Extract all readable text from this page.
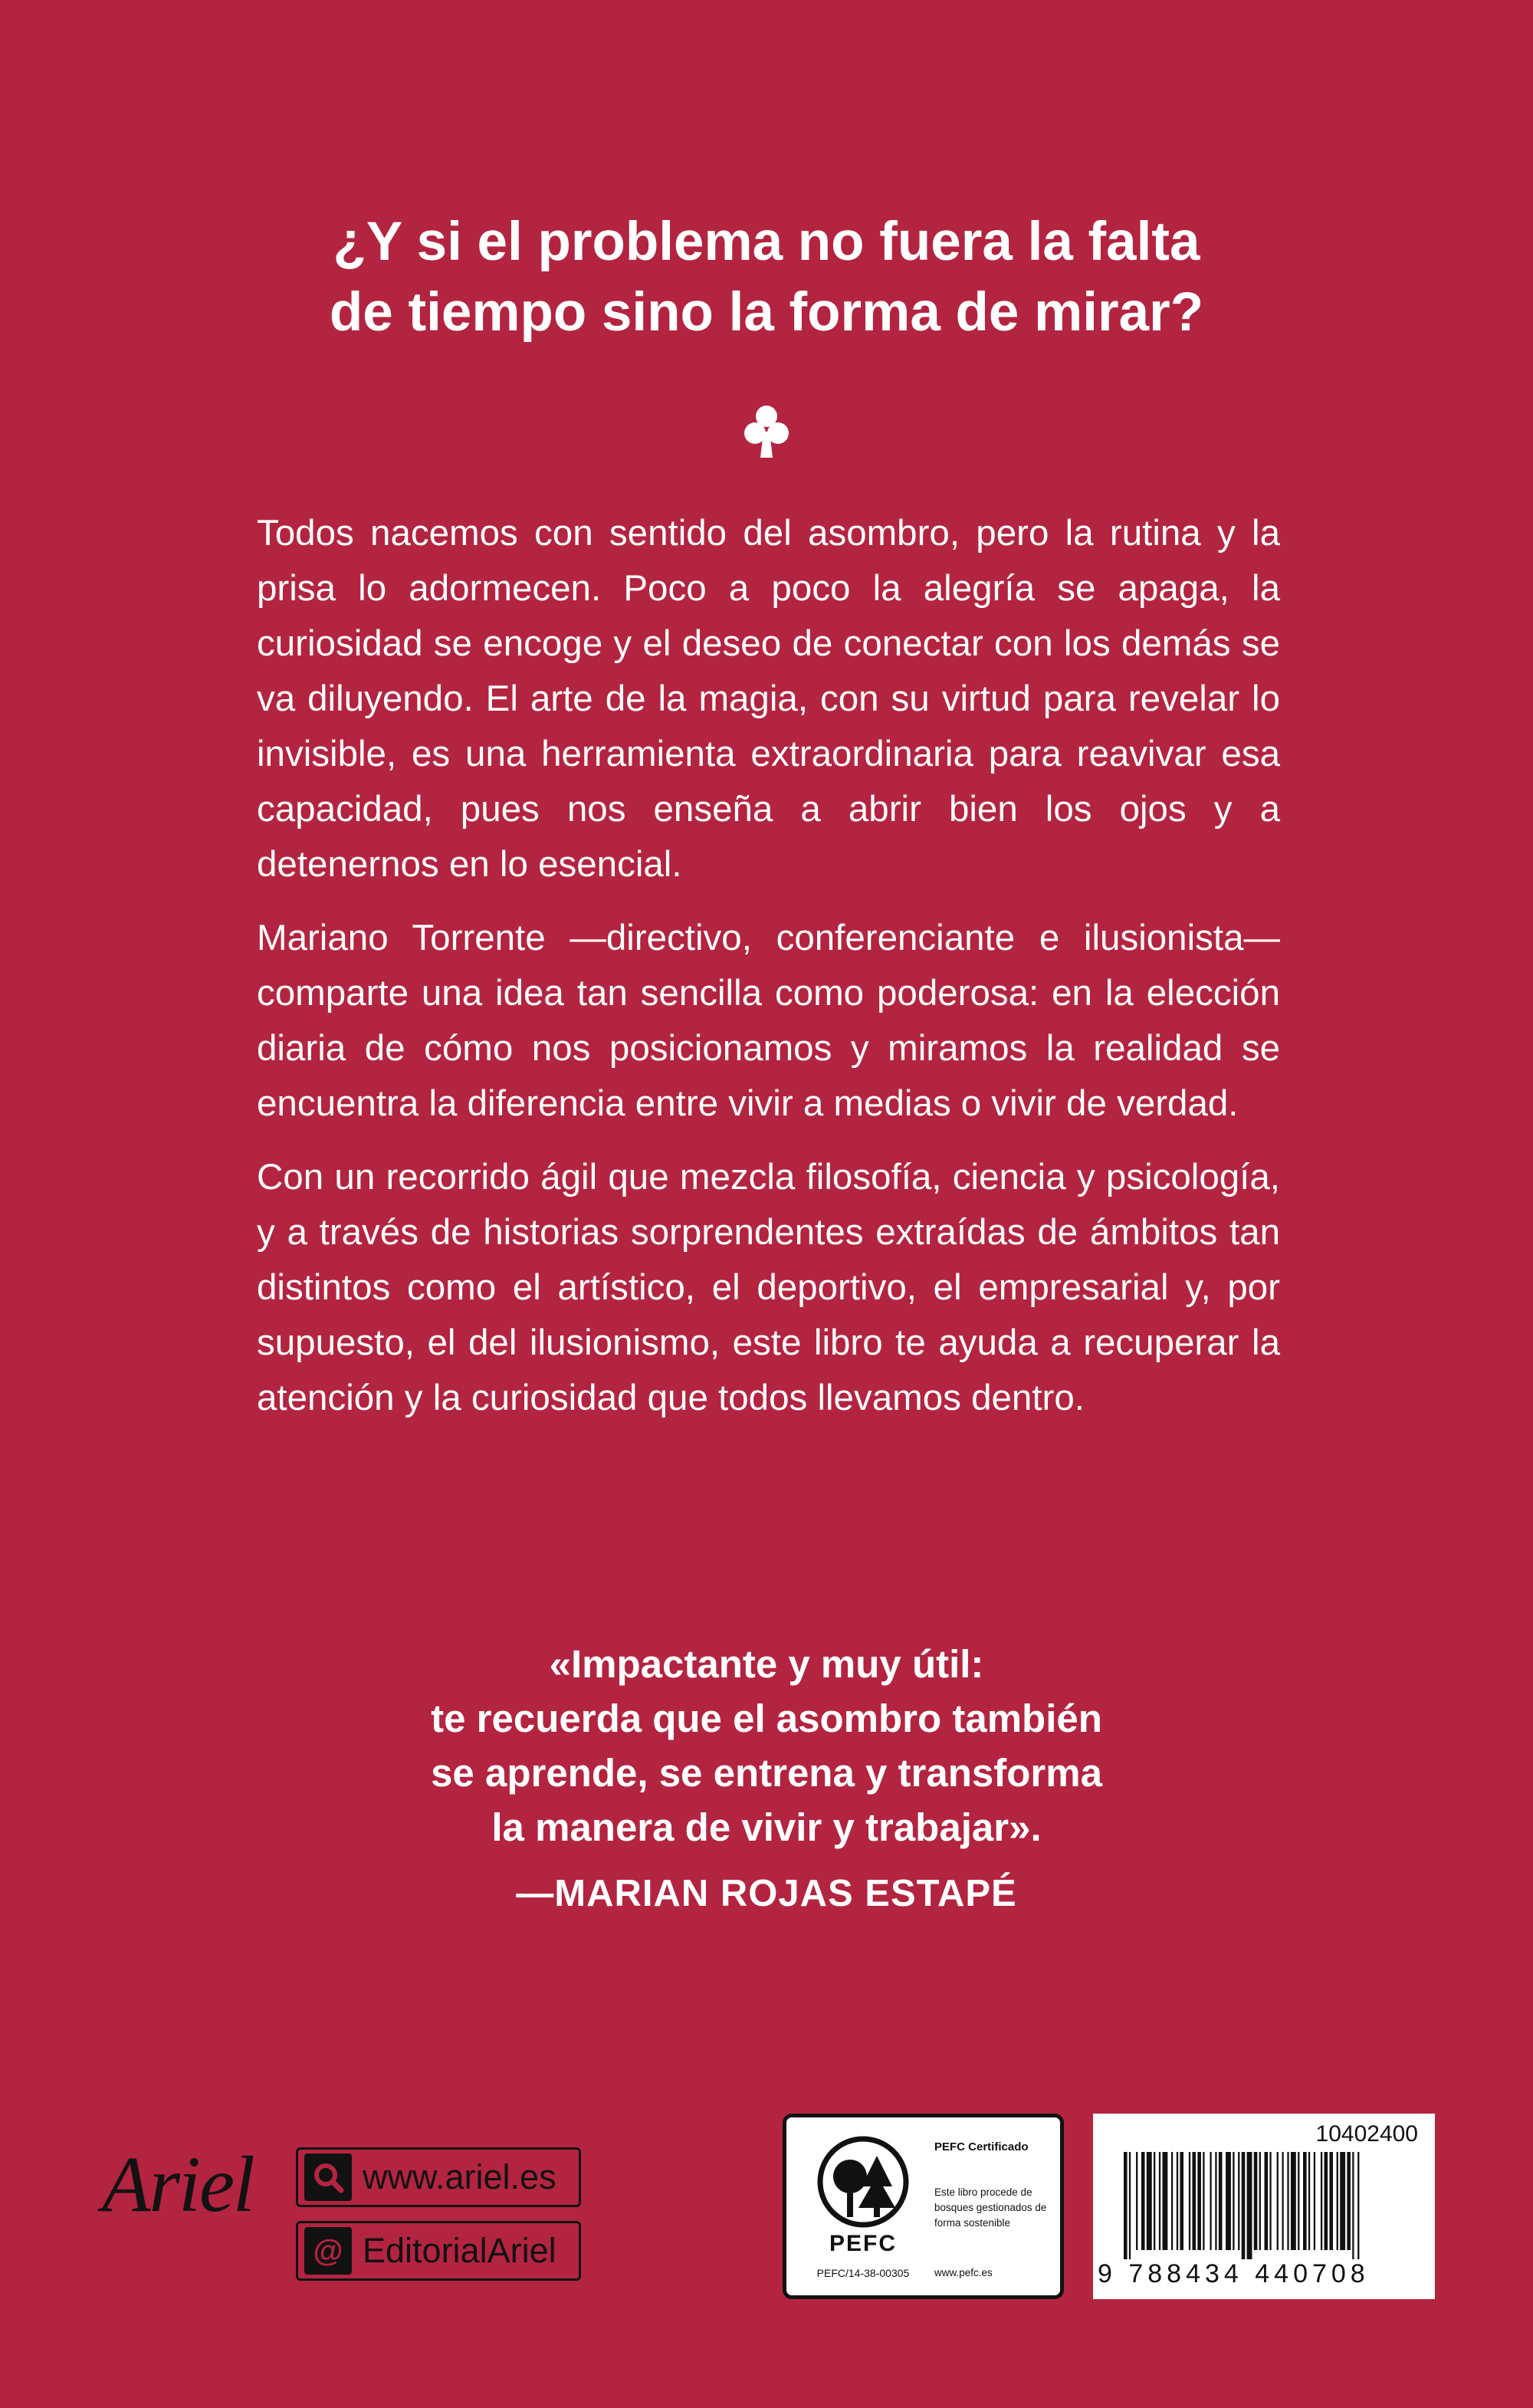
¿Y si el problema no fuera la falta
de tiempo sino la forma de mirar?

Todos nacemos con sentido del asombro, pero la rutina y la prisa lo adormecen. Poco a poco la alegría se apaga, la curiosidad se encoge y el deseo de conectar con los demás se va diluyendo. El arte de la magia, con su virtud para revelar lo invisible, es una herramienta extraordinaria para reavivar esa capacidad, pues nos enseña a abrir bien los ojos y a detenernos en lo esencial.

Mariano Torrente —directivo, conferenciante e ilusionista— comparte una idea tan sencilla como poderosa: en la elección diaria de cómo nos posicionamos y miramos la realidad se encuentra la diferencia entre vivir a medias o vivir de verdad.

Con un recorrido ágil que mezcla filosofía, ciencia y psicología, y a través de historias sorprendentes extraídas de ámbitos tan distintos como el artístico, el deportivo, el empresarial y, por supuesto, el del ilusionismo, este libro te ayuda a recuperar la atención y la curiosidad que todos llevamos dentro.

«Impactante y muy útil:
te recuerda que el asombro también
se aprende, se entrena y transforma
la manera de vivir y trabajar».
—MARIAN ROJAS ESTAPÉ
Ariel	www.ariel.es
@ EditorialAriel	PEFC
PEFC/14-38-00305
PEFC Certificado
Este libro procede de bosques gestionados de forma sostenible
www.pefc.es
10402400
9 788434 440708
